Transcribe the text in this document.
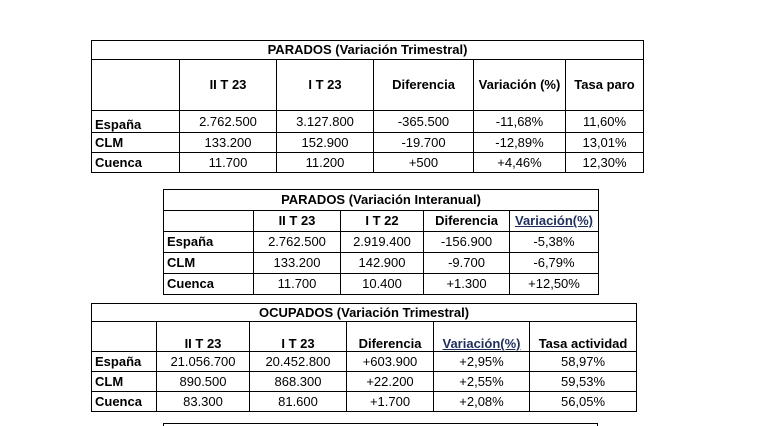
PARADOS (Variación Trimestral)					
	II T 23	I T 23	Diferencia	Variación (%)	Tasa paro
España	2.762.500	3.127.800	-365.500	-11,68%	11,60%
CLM	133.200	152.900	-19.700	-12,89%	13,01%
Cuenca	11.700	11.200	+500	+4,46%	12,30%
PARADOS (Variación Interanual)				
	II T 23	I T 22	Diferencia	Variación(%)
España	2.762.500	2.919.400	-156.900	-5,38%
CLM	133.200	142.900	-9.700	-6,79%
Cuenca	11.700	10.400	+1.300	+12,50%
OCUPADOS (Variación Trimestral)					
	II T 23	I T 23	Diferencia	Variación(%)	Tasa actividad
España	21.056.700	20.452.800	+603.900	+2,95%	58,97%
CLM	890.500	868.300	+22.200	+2,55%	59,53%
Cuenca	83.300	81.600	+1.700	+2,08%	56,05%
